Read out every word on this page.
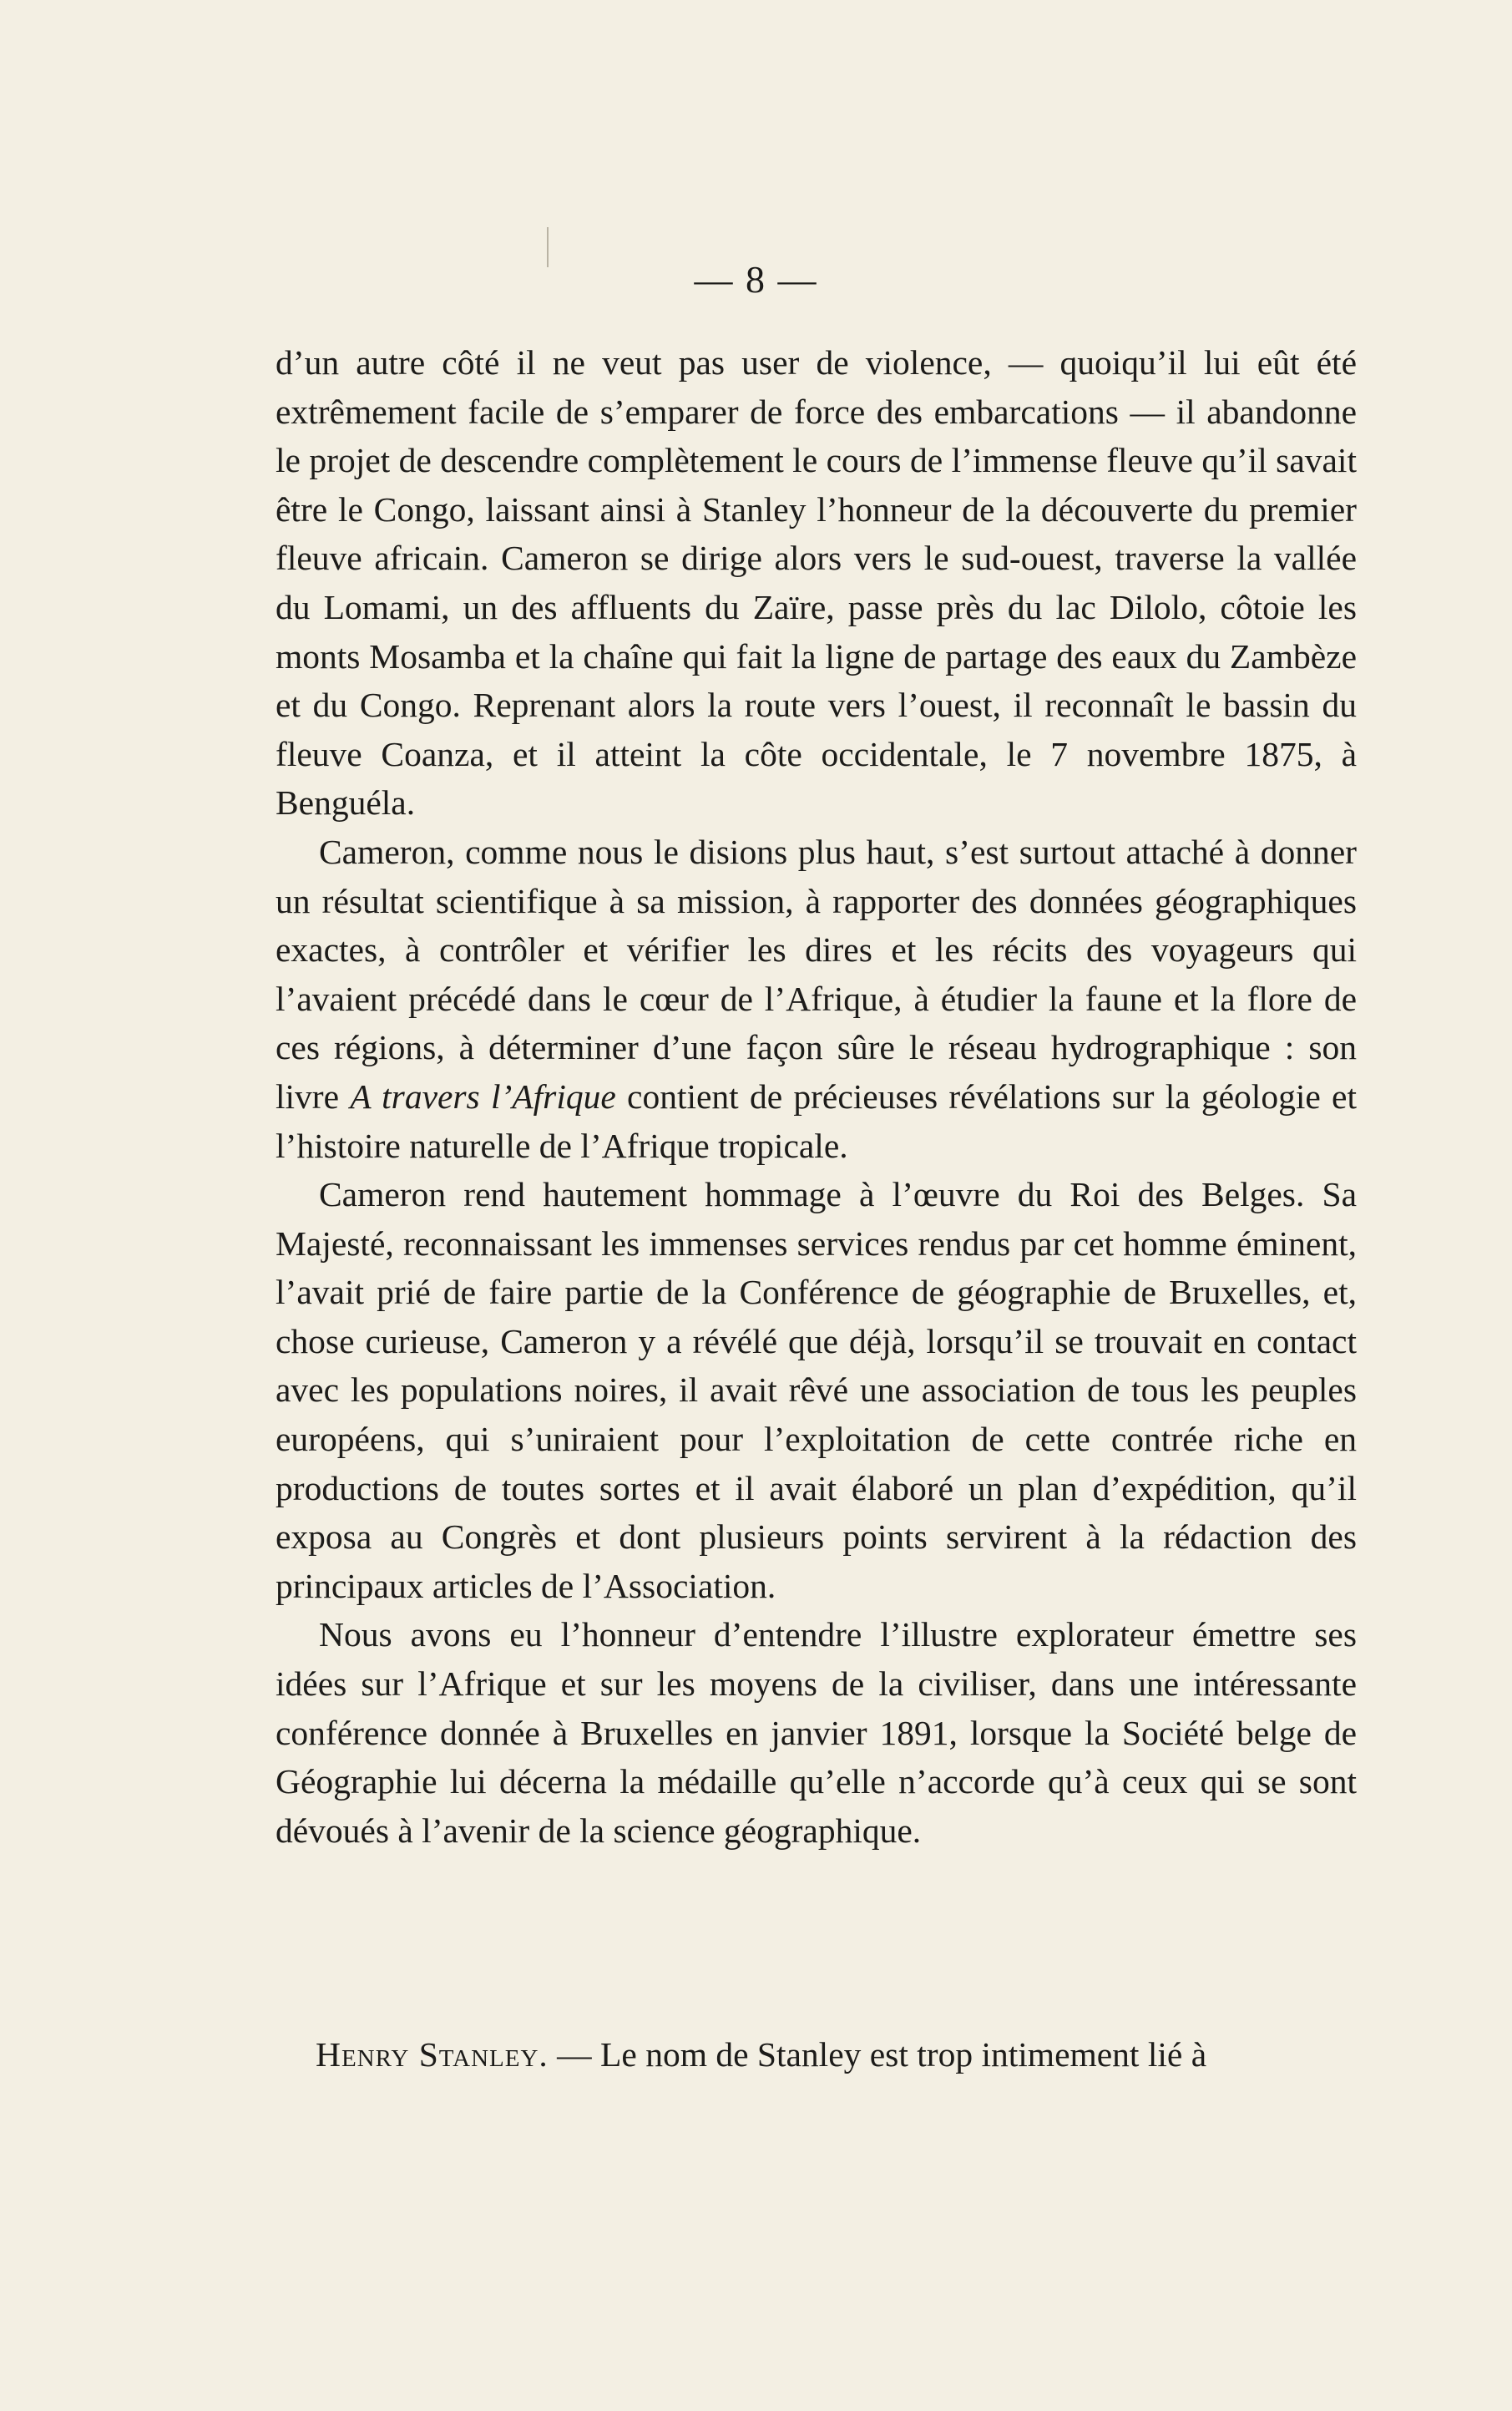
— 8 —

d’un autre côté il ne veut pas user de violence, — quoiqu’il lui eût été extrêmement facile de s’emparer de force des embarcations — il abandonne le projet de descendre complètement le cours de l’immense fleuve qu’il savait être le Congo, laissant ainsi à Stanley l’honneur de la découverte du premier fleuve africain. Cameron se dirige alors vers le sud-ouest, traverse la vallée du Lomami, un des affluents du Zaïre, passe près du lac Dilolo, côtoie les monts Mosamba et la chaîne qui fait la ligne de partage des eaux du Zambèze et du Congo. Reprenant alors la route vers l’ouest, il reconnaît le bassin du fleuve Coanza, et il atteint la côte occidentale, le 7 novembre 1875, à Benguéla.

Cameron, comme nous le disions plus haut, s’est surtout attaché à donner un résultat scientifique à sa mission, à rapporter des données géographiques exactes, à contrôler et vérifier les dires et les récits des voyageurs qui l’avaient précédé dans le cœur de l’Afrique, à étudier la faune et la flore de ces régions, à déterminer d’une façon sûre le réseau hydrographique : son livre A travers l’Afrique contient de précieuses révélations sur la géologie et l’histoire naturelle de l’Afrique tropicale.

Cameron rend hautement hommage à l’œuvre du Roi des Belges. Sa Majesté, reconnaissant les immenses services rendus par cet homme éminent, l’avait prié de faire partie de la Conférence de géographie de Bruxelles, et, chose curieuse, Cameron y a révélé que déjà, lorsqu’il se trouvait en contact avec les populations noires, il avait rêvé une association de tous les peuples européens, qui s’uniraient pour l’exploitation de cette contrée riche en productions de toutes sortes et il avait élaboré un plan d’expédition, qu’il exposa au Congrès et dont plusieurs points servirent à la rédaction des principaux articles de l’Association.

Nous avons eu l’honneur d’entendre l’illustre explorateur émettre ses idées sur l’Afrique et sur les moyens de la civiliser, dans une intéressante conférence donnée à Bruxelles en janvier 1891, lorsque la Société belge de Géographie lui décerna la médaille qu’elle n’accorde qu’à ceux qui se sont dévoués à l’avenir de la science géographique.

Henry Stanley. — Le nom de Stanley est trop intimement lié à
